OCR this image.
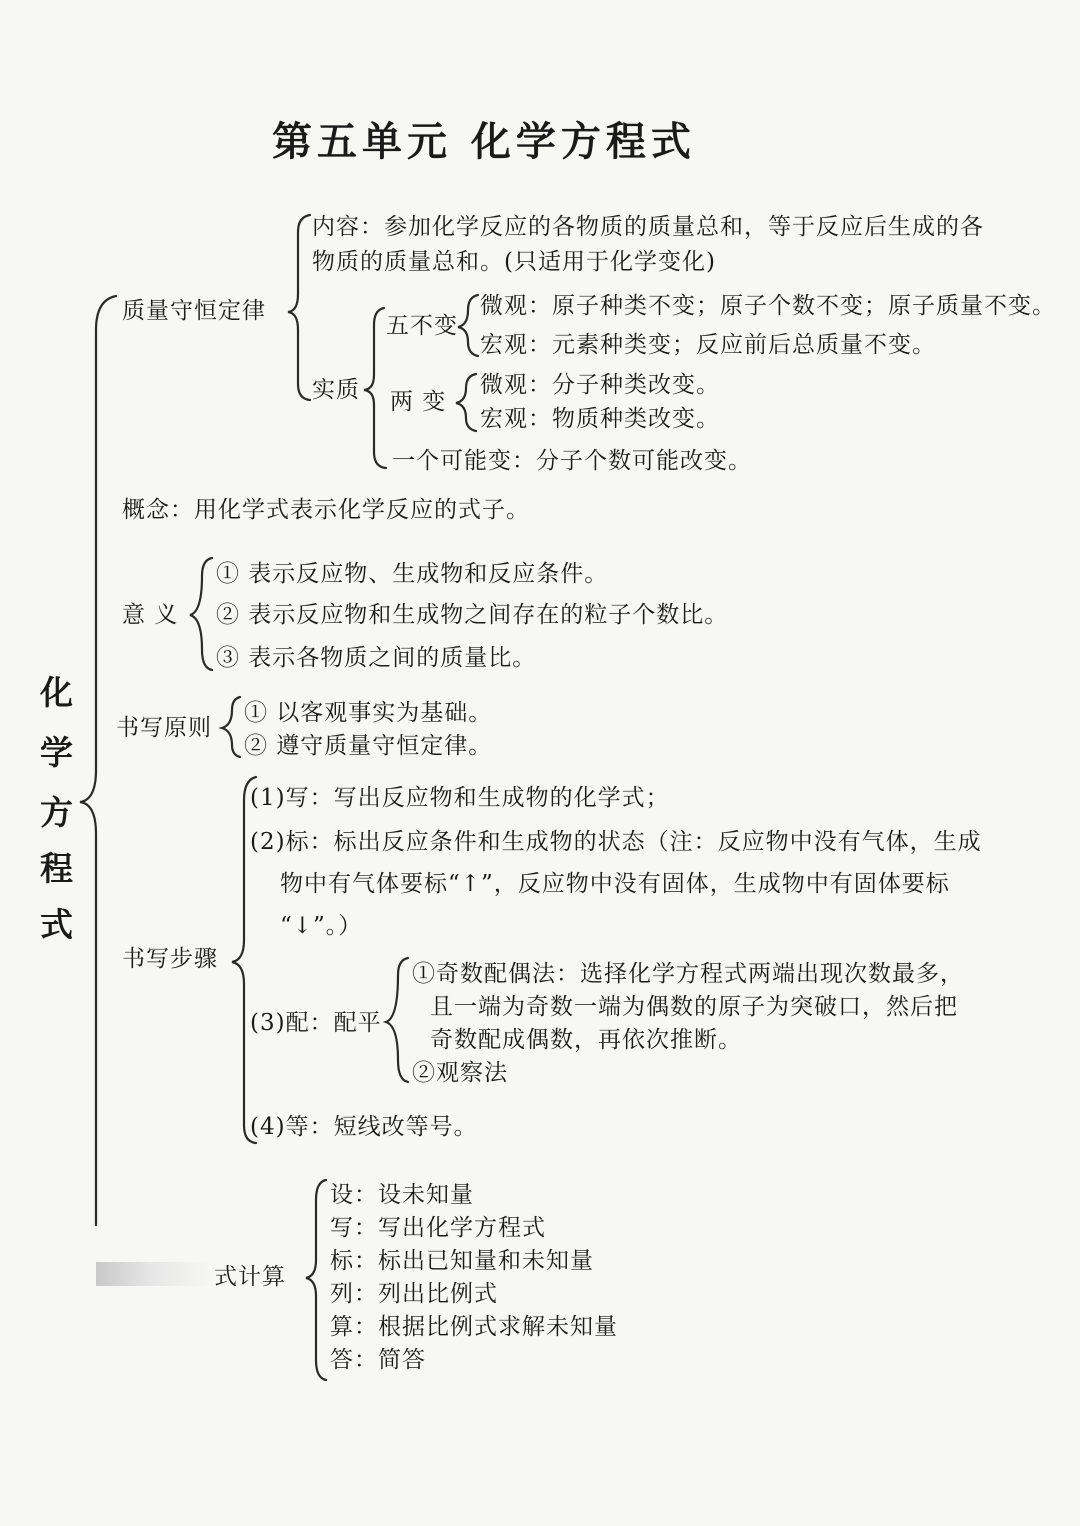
第五单元 化学方程式
化
学
方
程
式
质量守恒定律
内容：参加化学反应的各物质的质量总和，等于反应后生成的各
物质的质量总和。(只适用于化学变化)
实质
五不变
微观：原子种类不变；原子个数不变；原子质量不变。
宏观：元素种类变；反应前后总质量不变。
两 变
微观：分子种类改变。
宏观：物质种类改变。
一个可能变：分子个数可能改变。
概念：用化学式表示化学反应的式子。
意 义
① 表示反应物、生成物和反应条件。
② 表示反应物和生成物之间存在的粒子个数比。
③ 表示各物质之间的质量比。
书写原则
① 以客观事实为基础。
② 遵守质量守恒定律。
书写步骤
(1)写：写出反应物和生成物的化学式；
(2)标：标出反应条件和生成物的状态（注：反应物中没有气体，生成
物中有气体要标“↑”，反应物中没有固体，生成物中有固体要标
“↓”。）
(3)配：配平
①奇数配偶法：选择化学方程式两端出现次数最多，
且一端为奇数一端为偶数的原子为突破口，然后把
奇数配成偶数，再依次推断。
②观察法
(4)等：短线改等号。
式计算
设：设未知量
写：写出化学方程式
标：标出已知量和未知量
列：列出比例式
算：根据比例式求解未知量
答：简答
